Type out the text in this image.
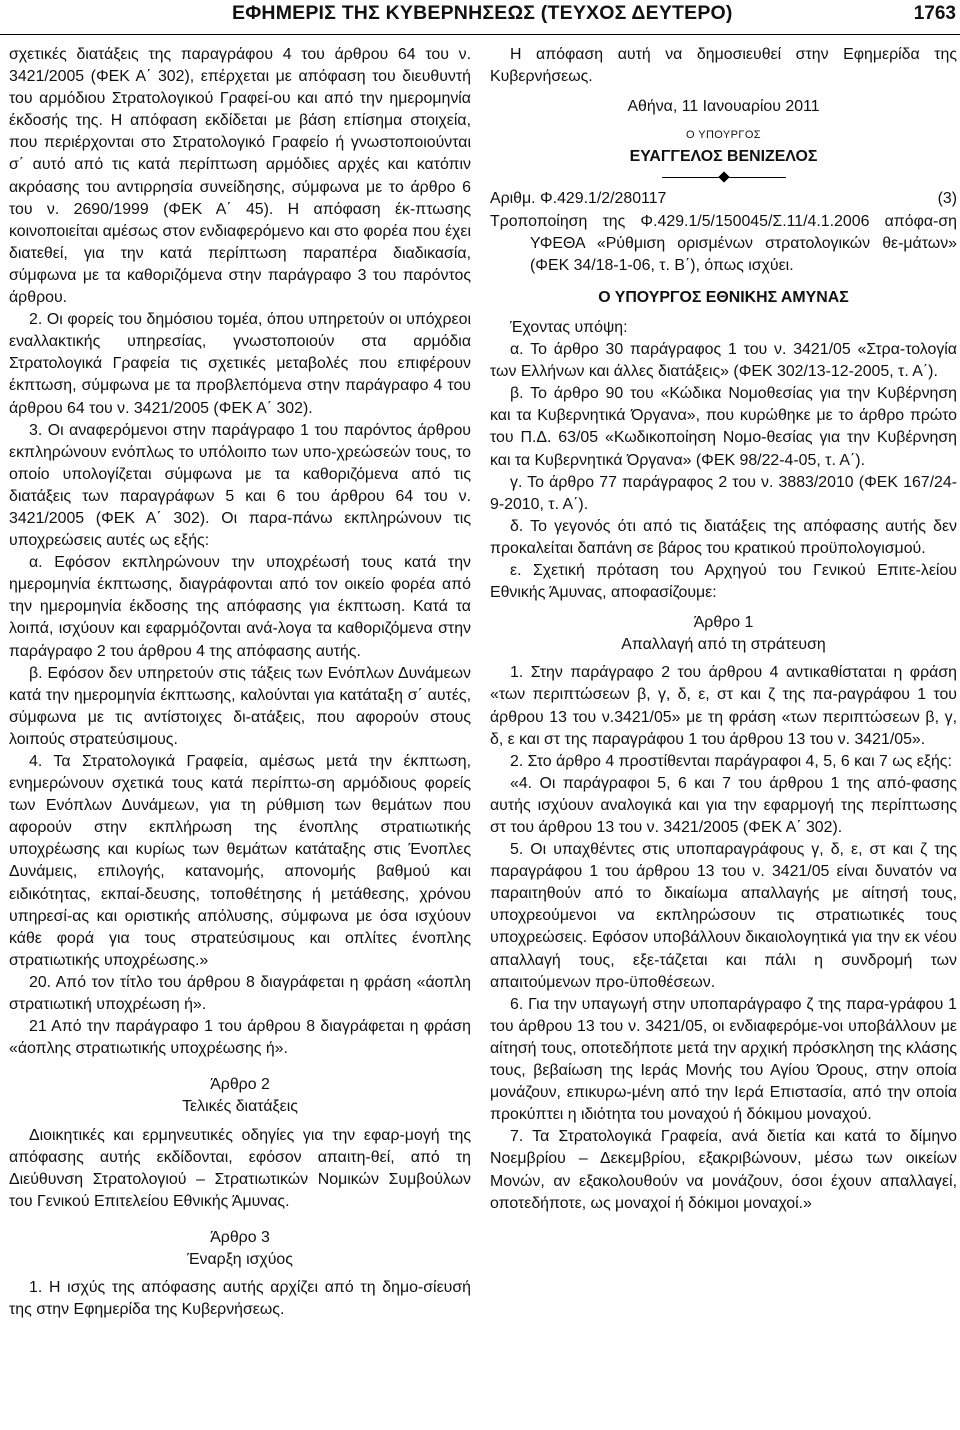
ΕΦΗΜΕΡΙΣ ΤΗΣ ΚΥΒΕΡΝΗΣΕΩΣ (ΤΕΥΧΟΣ ΔΕΥΤΕΡΟ)	1763

σχετικές διατάξεις της παραγράφου 4 του άρθρου 64 του ν. 3421/2005 (ΦΕΚ Α΄ 302), επέρχεται με απόφαση του διευθυντή του αρμόδιου Στρατολογικού Γραφεί-ου και από την ημερομηνία έκδοσής της. Η απόφαση εκδίδεται με βάση επίσημα στοιχεία, που περιέρχονται στο Στρατολογικό Γραφείο ή γνωστοποιούνται σ΄ αυτό από τις κατά περίπτωση αρμόδιες αρχές και κατόπιν ακρόασης του αντιρρησία συνείδησης, σύμφωνα με το άρθρο 6 του ν. 2690/1999 (ΦΕΚ Α΄ 45). Η απόφαση έκ-πτωσης κοινοποιείται αμέσως στον ενδιαφερόμενο και στο φορέα που έχει διατεθεί, για την κατά περίπτωση παραπέρα διαδικασία, σύμφωνα με τα καθοριζόμενα στην παράγραφο 3 του παρόντος άρθρου.

2. Οι φορείς του δημόσιου τομέα, όπου υπηρετούν οι υπόχρεοι εναλλακτικής υπηρεσίας, γνωστοποιούν στα αρμόδια Στρατολογικά Γραφεία τις σχετικές μεταβολές που επιφέρουν έκπτωση, σύμφωνα με τα προβλεπόμενα στην παράγραφο 4 του άρθρου 64 του ν. 3421/2005 (ΦΕΚ Α΄ 302).

3. Οι αναφερόμενοι στην παράγραφο 1 του παρόντος άρθρου εκπληρώνουν ενόπλως το υπόλοιπο των υπο-χρεώσεών τους, το οποίο υπολογίζεται σύμφωνα με τα καθοριζόμενα από τις διατάξεις των παραγράφων 5 και 6 του άρθρου 64 του ν. 3421/2005 (ΦΕΚ Α΄ 302). Οι παρα-πάνω εκπληρώνουν τις υποχρεώσεις αυτές ως εξής:

α. Εφόσον εκπληρώνουν την υποχρέωσή τους κατά την ημερομηνία έκπτωσης, διαγράφονται από τον οικείο φορέα από την ημερομηνία έκδοσης της απόφασης για έκπτωση. Κατά τα λοιπά, ισχύουν και εφαρμόζονται ανά-λογα τα καθοριζόμενα στην παράγραφο 2 του άρθρου 4 της απόφασης αυτής.

β. Εφόσον δεν υπηρετούν στις τάξεις των Ενόπλων Δυνάμεων κατά την ημερομηνία έκπτωσης, καλούνται για κατάταξη σ΄ αυτές, σύμφωνα με τις αντίστοιχες δι-ατάξεις, που αφορούν στους λοιπούς στρατεύσιμους.

4. Τα Στρατολογικά Γραφεία, αμέσως μετά την έκπτωση, ενημερώνουν σχετικά τους κατά περίπτω-ση αρμόδιους φορείς των Ενόπλων Δυνάμεων, για τη ρύθμιση των θεμάτων που αφορούν στην εκπλήρωση της ένοπλης στρατιωτικής υποχρέωσης και κυρίως των θεμάτων κατάταξης στις Ένοπλες Δυνάμεις, επιλογής, κατανομής, απονομής βαθμού και ειδικότητας, εκπαί-δευσης, τοποθέτησης ή μετάθεσης, χρόνου υπηρεσί-ας και οριστικής απόλυσης, σύμφωνα με όσα ισχύουν κάθε φορά για τους στρατεύσιμους και οπλίτες ένοπλης στρατιωτικής υποχρέωσης.»

20. Από τον τίτλο του άρθρου 8 διαγράφεται η φράση «άοπλη στρατιωτική υποχρέωση ή».

21 Από την παράγραφο 1 του άρθρου 8 διαγράφεται η φράση «άοπλης στρατιωτικής υποχρέωσης ή».

Άρθρο 2

Τελικές διατάξεις

Διοικητικές και ερμηνευτικές οδηγίες για την εφαρ-μογή της απόφασης αυτής εκδίδονται, εφόσον απαιτη-θεί, από τη Διεύθυνση Στρατολογιού – Στρατιωτικών Νομικών Συμβούλων του Γενικού Επιτελείου Εθνικής Άμυνας.

Άρθρο 3

Έναρξη ισχύος

1. Η ισχύς της απόφασης αυτής αρχίζει από τη δημο-σίευσή της στην Εφημερίδα της Κυβερνήσεως.

Η απόφαση αυτή να δημοσιευθεί στην Εφημερίδα της Κυβερνήσεως.

Αθήνα, 11 Ιανουαρίου 2011

Ο ΥΠΟΥΡΓΟΣ

ΕΥΑΓΓΕΛΟΣ ΒΕΝΙΖΕΛΟΣ

Αριθμ. Φ.429.1/2/280117	(3)

Τροποποίηση της Φ.429.1/5/150045/Σ.11/4.1.2006 απόφα-ση ΥΦΕΘΑ «Ρύθμιση ορισμένων στρατολογικών θε-μάτων» (ΦΕΚ 34/18-1-06, τ. Β΄), όπως ισχύει.

Ο ΥΠΟΥΡΓΟΣ ΕΘΝΙΚΗΣ ΑΜΥΝΑΣ

Έχοντας υπόψη:

α. Το άρθρο 30 παράγραφος 1 του ν. 3421/05 «Στρα-τολογία των Ελλήνων και άλλες διατάξεις» (ΦΕΚ 302/13-12-2005, τ. Α΄).

β. Το άρθρο 90 του «Κώδικα Νομοθεσίας για την Κυβέρνηση και τα Κυβερνητικά Όργανα», που κυρώθηκε με το άρθρο πρώτο του Π.Δ. 63/05 «Κωδικοποίηση Νομο-θεσίας για την Κυβέρνηση και τα Κυβερνητικά Όργανα» (ΦΕΚ 98/22-4-05, τ. Α΄).

γ. Το άρθρο 77 παράγραφος 2 του ν. 3883/2010 (ΦΕΚ 167/24-9-2010, τ. Α΄).

δ. Το γεγονός ότι από τις διατάξεις της απόφασης αυτής δεν προκαλείται δαπάνη σε βάρος του κρατικού προϋπολογισμού.

ε. Σχετική πρόταση του Αρχηγού του Γενικού Επιτε-λείου Εθνικής Άμυνας, αποφασίζουμε:

Άρθρο 1

Απαλλαγή από τη στράτευση

1. Στην παράγραφο 2 του άρθρου 4 αντικαθίσταται η φράση «των περιπτώσεων β, γ, δ, ε, στ και ζ της πα-ραγράφου 1 του άρθρου 13 του ν.3421/05» με τη φράση «των περιπτώσεων β, γ, δ, ε και στ της παραγράφου 1 του άρθρου 13 του ν. 3421/05».

2. Στο άρθρο 4 προστίθενται παράγραφοι 4, 5, 6 και 7 ως εξής:

«4. Οι παράγραφοι 5, 6 και 7 του άρθρου 1 της από-φασης αυτής ισχύουν αναλογικά και για την εφαρμογή της περίπτωσης στ του άρθρου 13 του ν. 3421/2005 (ΦΕΚ Α΄ 302).

5. Οι υπαχθέντες στις υποπαραγράφους γ, δ, ε, στ και ζ της παραγράφου 1 του άρθρου 13 του ν. 3421/05 είναι δυνατόν να παραιτηθούν από το δικαίωμα απαλλαγής με αίτησή τους, υποχρεούμενοι να εκπληρώσουν τις στρατιωτικές τους υποχρεώσεις. Εφόσον υποβάλλουν δικαιολογητικά για την εκ νέου απαλλαγή τους, εξε-τάζεται και πάλι η συνδρομή των απαιτούμενων προ-ϋποθέσεων.

6. Για την υπαγωγή στην υποπαράγραφο ζ της παρα-γράφου 1 του άρθρου 13 του ν. 3421/05, οι ενδιαφερόμε-νοι υποβάλλουν με αίτησή τους, οποτεδήποτε μετά την αρχική πρόσκληση της κλάσης τους, βεβαίωση της Ιεράς Μονής του Αγίου Όρους, στην οποία μονάζουν, επικυρω-μένη από την Ιερά Επιστασία, από την οποία προκύπτει η ιδιότητα του μοναχού ή δόκιμου μοναχού.

7. Τα Στρατολογικά Γραφεία, ανά διετία και κατά το δίμηνο Νοεμβρίου – Δεκεμβρίου, εξακριβώνουν, μέσω των οικείων Μονών, αν εξακολουθούν να μονάζουν, όσοι έχουν απαλλαγεί, οποτεδήποτε, ως μοναχοί ή δόκιμοι μοναχοί.»
